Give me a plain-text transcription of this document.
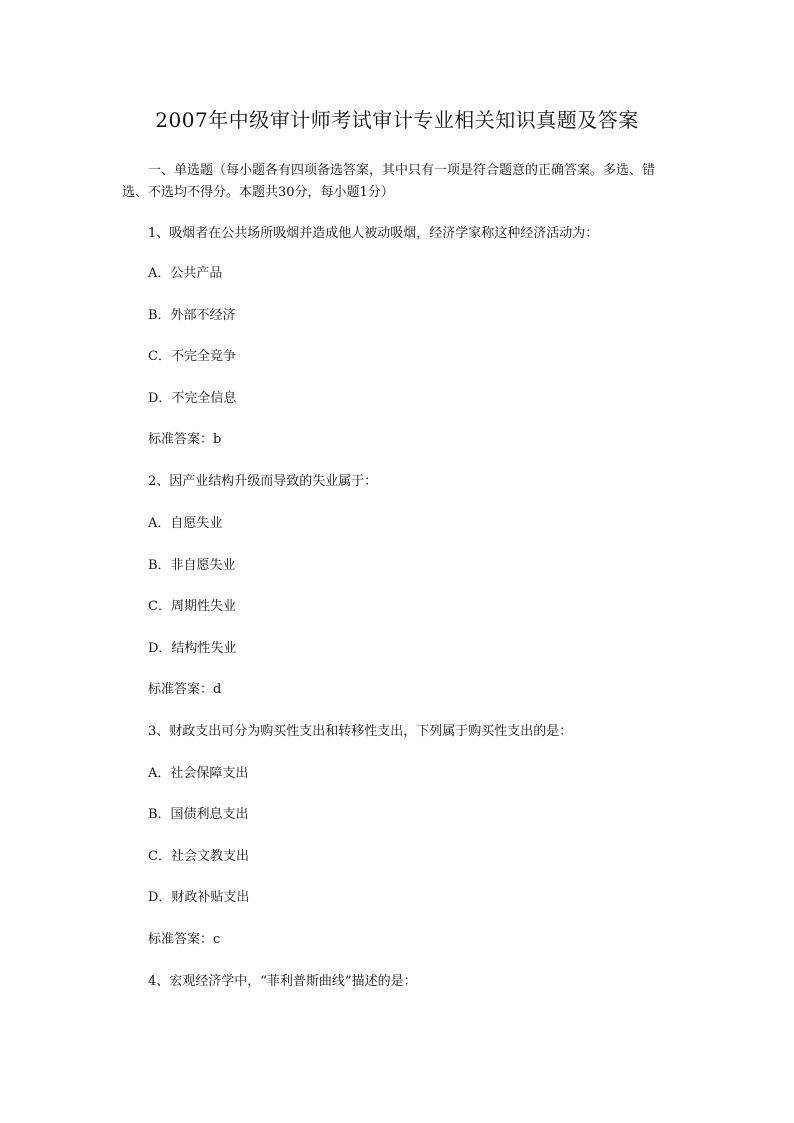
2007年中级审计师考试审计专业相关知识真题及答案
一、单选题（每小题各有四项备选答案，其中只有一项是符合题意的正确答案。多选、错选、不选均不得分。本题共30分，每小题1分）
1、吸烟者在公共场所吸烟并造成他人被动吸烟，经济学家称这种经济活动为：
A．公共产品
B．外部不经济
C．不完全竞争
D．不完全信息
标准答案：b
2、因产业结构升级而导致的失业属于：
A．自愿失业
B．非自愿失业
C．周期性失业
D．结构性失业
标准答案：d
3、财政支出可分为购买性支出和转移性支出，下列属于购买性支出的是：
A．社会保障支出
B．国债利息支出
C．社会文教支出
D．财政补贴支出
标准答案：c
4、宏观经济学中，“菲利普斯曲线”描述的是：
